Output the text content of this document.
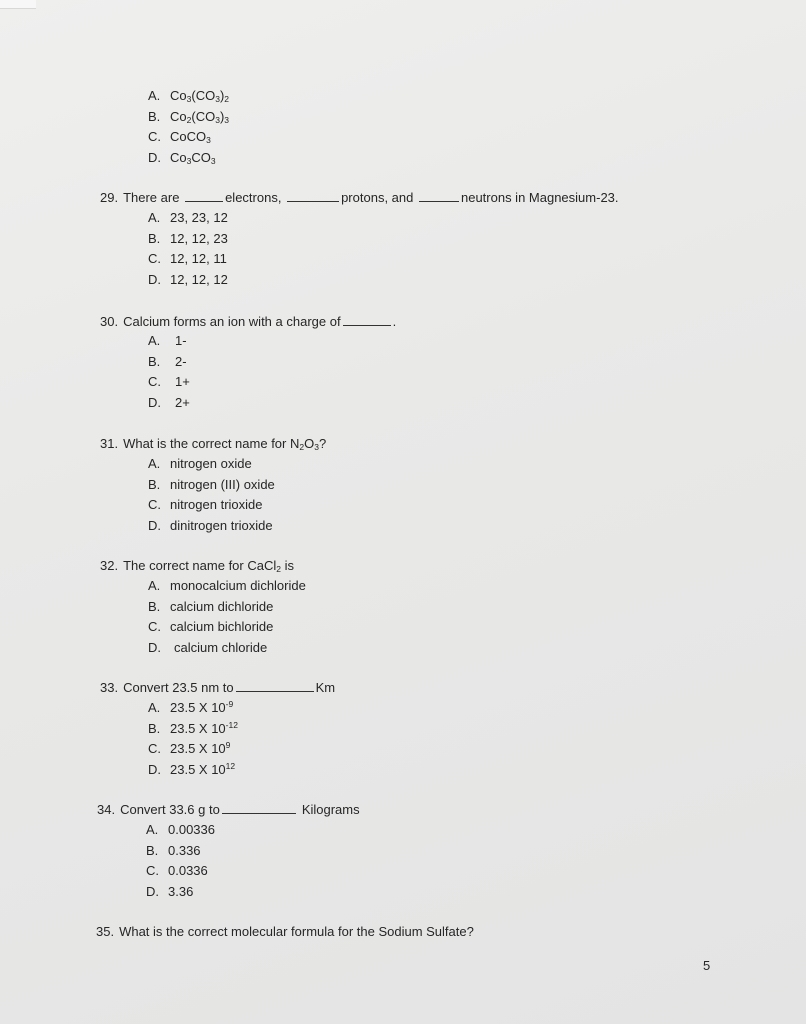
A. $Co_3(CO_3)_2$
B. $Co_2(CO_3)_3$
C. CoCO$_3$
D. $Co_3CO_3$
29. There are	electrons,	protons, and	neutrons in Magnesium-23.
A. 23, 23, 12
B. 12, 12, 23
C. 12, 12, 11
D. 12, 12, 12
30. Calcium forms an ion with a charge of	.
A.	1-
B.	2-
C.	1+
D.	2+
31. What is the correct name for $N_2O_3$?
A. nitrogen oxide
B. nitrogen (III) oxide
C. nitrogen trioxide
D. dinitrogen trioxide
32. The correct name for CaCl$_2$ is
A. monocalcium dichloride
B. calcium dichloride
C. calcium bichloride
D.	calcium chloride
33. Convert 23.5 nm to	Km
A. 23.5 X $10^{-9}$
B. 23.5 X $10^{-12}$
C. 23.5 X $10^9$
D. 23.5 X $10^{12}$
34. Convert 33.6 g to	Kilograms
A. 0.00336
B. 0.336
C. 0.0336
D. 3.36
35. What is the correct molecular formula for the Sodium Sulfate?
5
